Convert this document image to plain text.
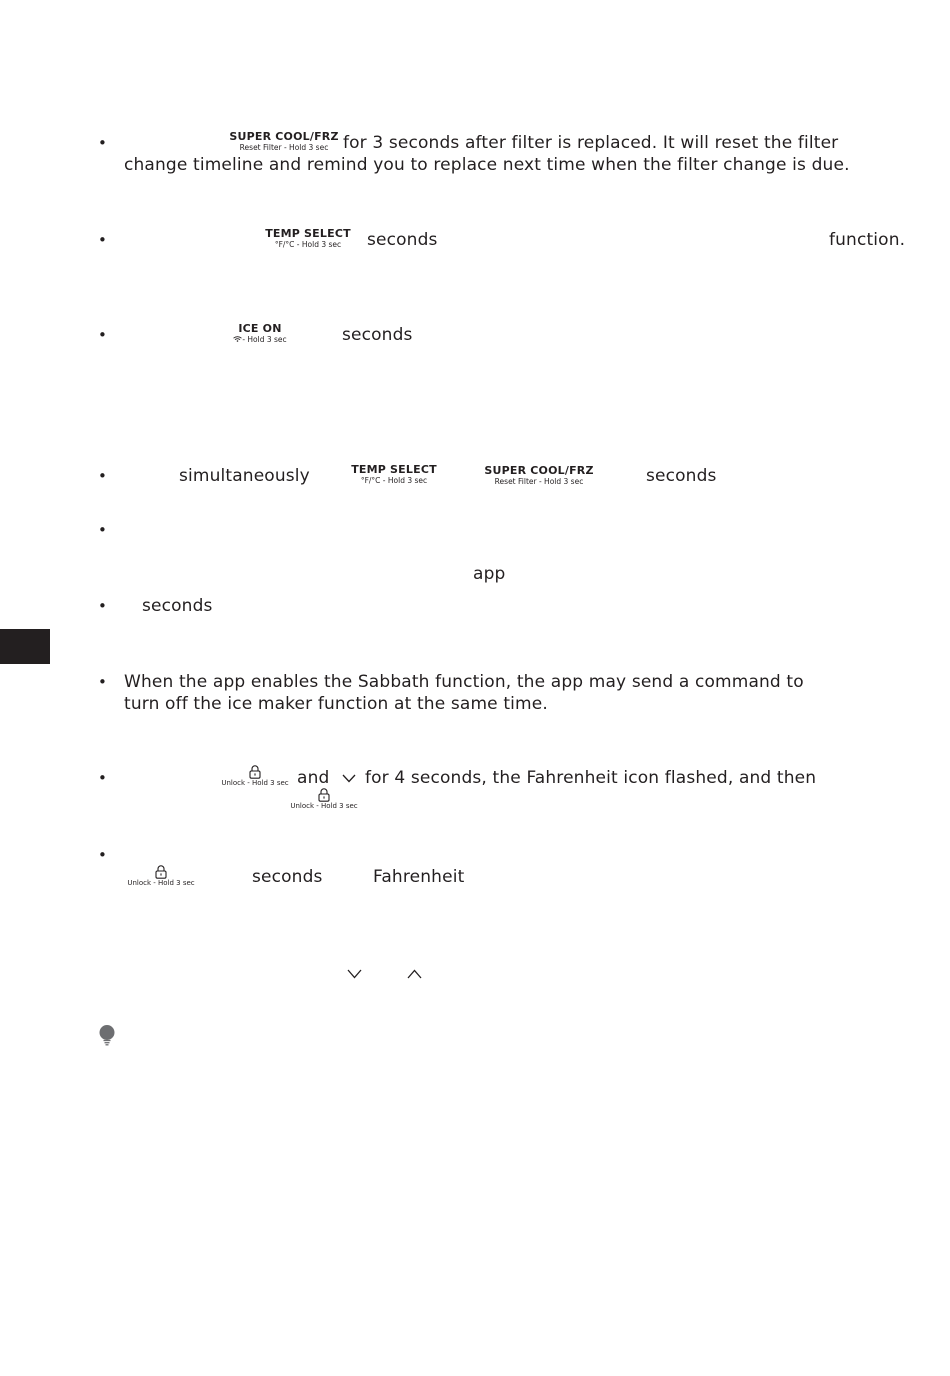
•	SUPER COOL/FRZ
Reset Filter - Hold 3 sec for 3 seconds after filter is replaced. It will reset the filter
change timeline and remind you to replace next time when the filter change is due.
•	TEMP SELECT
°F/°C - Hold 3 sec	seconds	function.
•	ICE ON
- Hold 3 sec	seconds
•	simultaneously	TEMP SELECT
°F/°C - Hold 3 sec
SUPER COOL/FRZ
Reset Filter - Hold 3 sec	seconds
•
app
• seconds
• When the app enables the Sabbath function, the app may send a command to
turn off the ice maker function at the same time.
•	Unlock - Hold 3 sec and for 4 seconds, the Fahrenheit icon flashed, and then
Unlock - Hold 3 sec
•
Unlock - Hold 3 sec	seconds	Fahrenheit
